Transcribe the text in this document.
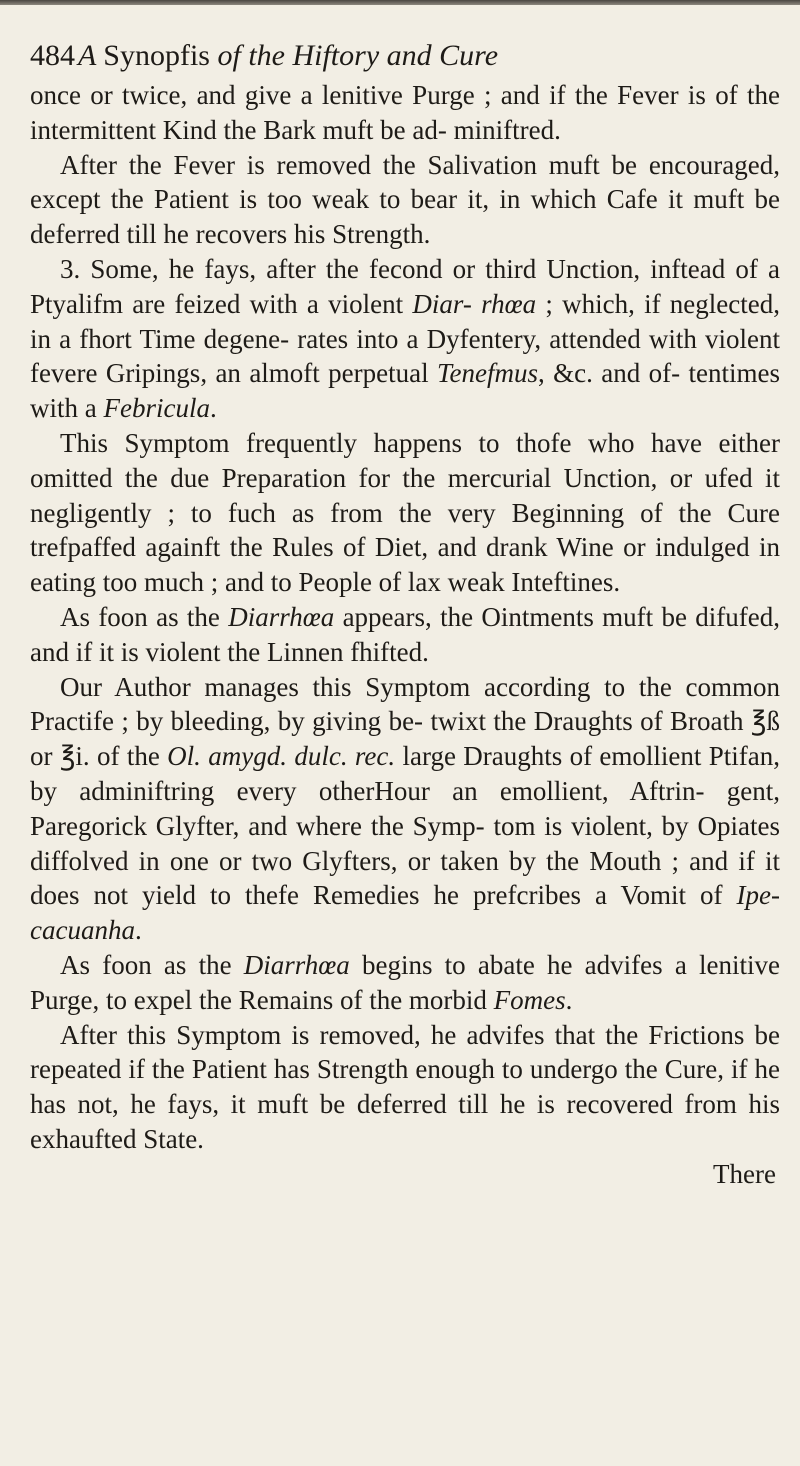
484 A Synopfis of the Hiftory and Cure

once or twice, and give a lenitive Purge ; and if the Fever is of the intermittent Kind the Bark muft be ad- miniftred.

After the Fever is removed the Salivation muft be encouraged, except the Patient is too weak to bear it, in which Cafe it muft be deferred till he recovers his Strength.

3. Some, he fays, after the fecond or third Unction, inftead of a Ptyalifm are feized with a violent Diar- rhœa ; which, if neglected, in a fhort Time degene- rates into a Dyfentery, attended with violent fevere Gripings, an almoft perpetual Tenefmus, &c. and of- tentimes with a Febricula.

This Symptom frequently happens to thofe who have either omitted the due Preparation for the mercurial Unction, or ufed it negligently ; to fuch as from the very Beginning of the Cure trefpaffed againft the Rules of Diet, and drank Wine or indulged in eating too much ; and to People of lax weak Inteftines.

As foon as the Diarrhœa appears, the Ointments muft be difufed, and if it is violent the Linnen fhifted.

Our Author manages this Symptom according to the common Practife ; by bleeding, by giving be- twixt the Draughts of Broath ℥ß or ℥i. of the Ol. amygd. dulc. rec. large Draughts of emollient Ptifan, by adminiftring every otherHour an emollient, Aftrin- gent, Paregorick Glyfter, and where the Symp- tom is violent, by Opiates diffolved in one or two Glyfters, or taken by the Mouth ; and if it does not yield to thefe Remedies he prefcribes a Vomit of Ipe- cacuanha.

As foon as the Diarrhœa begins to abate he advifes a lenitive Purge, to expel the Remains of the morbid Fomes.

After this Symptom is removed, he advifes that the Frictions be repeated if the Patient has Strength enough to undergo the Cure, if he has not, he fays, it muft be deferred till he is recovered from his exhaufted State.

There
